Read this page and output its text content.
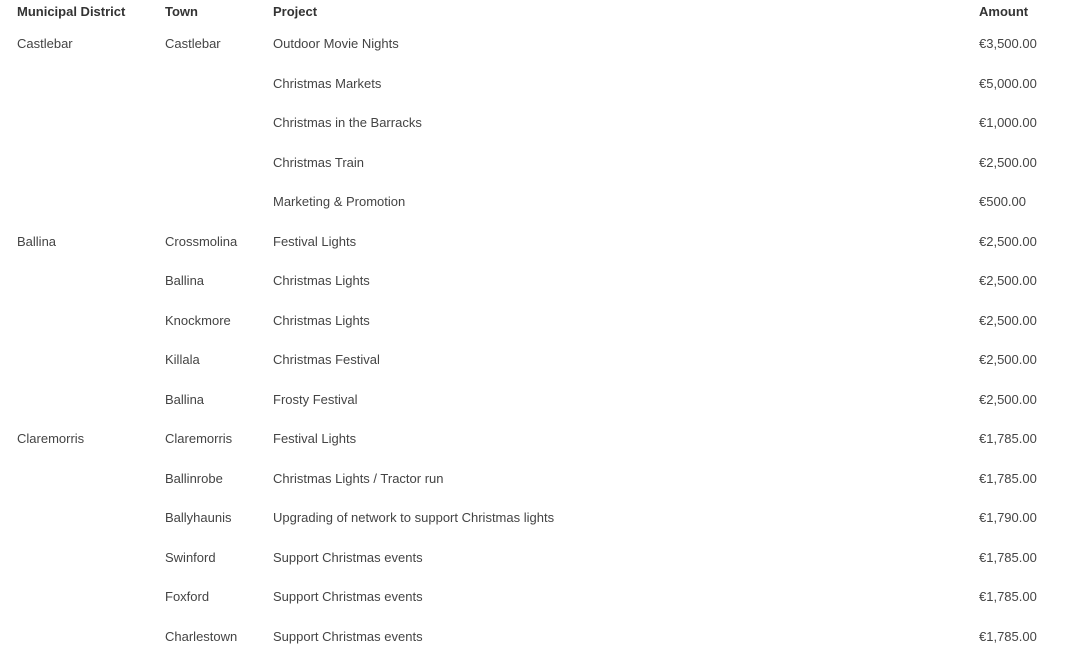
Municipal District	Town	Project	Amount
Castlebar	Castlebar	Outdoor Movie Nights	€3,500.00
		Christmas Markets	€5,000.00
		Christmas in the Barracks	€1,000.00
		Christmas Train	€2,500.00
		Marketing & Promotion	€500.00
Ballina	Crossmolina	Festival Lights	€2,500.00
	Ballina	Christmas Lights	€2,500.00
	Knockmore	Christmas Lights	€2,500.00
	Killala	Christmas Festival	€2,500.00
	Ballina	Frosty Festival	€2,500.00
Claremorris	Claremorris	Festival Lights	€1,785.00
	Ballinrobe	Christmas Lights / Tractor run	€1,785.00
	Ballyhaunis	Upgrading of network to support Christmas lights	€1,790.00
	Swinford	Support Christmas events	€1,785.00
	Foxford	Support Christmas events	€1,785.00
	Charlestown	Support Christmas events	€1,785.00
